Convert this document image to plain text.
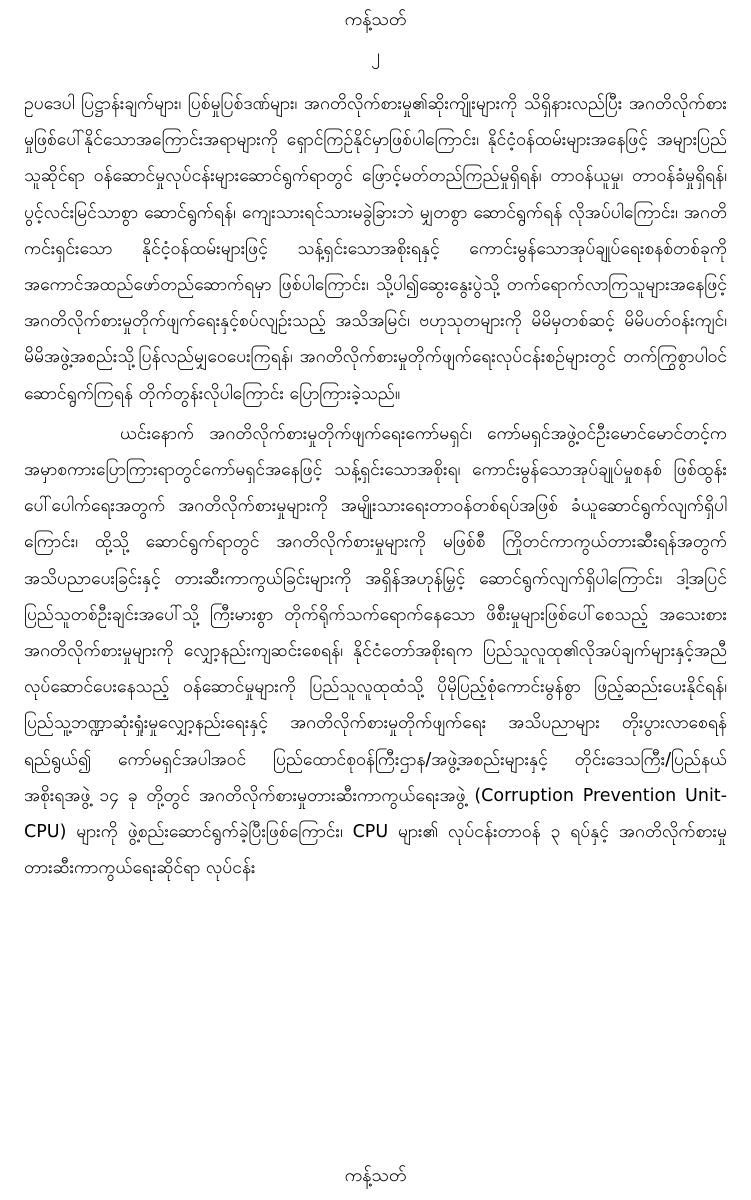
ကန့်သတ်
၂

ဥပဒေပါ ပြဋ္ဌာန်းချက်များ၊ ပြစ်မှုပြစ်ဒဏ်များ၊ အဂတိလိုက်စားမှု၏ဆိုးကျိုးများကို သိရှိနားလည်ပြီး အဂတိလိုက်စားမှုဖြစ်ပေါ်နိုင်သောအကြောင်းအရာများကို ရှောင်ကြဉ်နိုင်မှာဖြစ်ပါကြောင်း၊ နိုင်ငံ့ဝန်ထမ်းများအနေဖြင့် အများပြည်သူဆိုင်ရာ ဝန်ဆောင်မှုလုပ်ငန်းများဆောင်ရွက်ရာတွင် ဖြောင့်မတ်တည်ကြည်မှုရှိရန်၊ တာဝန်ယူမှု၊ တာဝန်ခံမှုရှိရန်၊ ပွင့်လင်းမြင်သာစွာ ဆောင်ရွက်ရန်၊ ကျေးသားရင်သားမခွဲခြားဘဲ မျှတစွာ ဆောင်ရွက်ရန် လိုအပ်ပါကြောင်း၊ အဂတိကင်းရှင်းသော နိုင်ငံ့ဝန်ထမ်းများဖြင့် သန့်ရှင်းသောအစိုးရနှင့် ကောင်းမွန်သောအုပ်ချုပ်ရေးစနစ်တစ်ခုကို အကောင်အထည်ဖော်တည်ဆောက်ရမှာ ဖြစ်ပါကြောင်း၊ သို့ပါ၍ဆွေးနွေးပွဲသို့ တက်ရောက်လာကြသူများအနေဖြင့် အဂတိလိုက်စားမှုတိုက်ဖျက်ရေးနှင့်စပ်လျဉ်းသည့် အသိအမြင်၊ ဗဟုသုတများကို မိမိမှတစ်ဆင့် မိမိပတ်ဝန်းကျင်၊ မိမိအဖွဲ့အစည်းသို့ပြန်လည်မျှဝေပေးကြရန်၊ အဂတိလိုက်စားမှုတိုက်ဖျက်ရေးလုပ်ငန်းစဉ်များတွင် တက်ကြွစွာပါဝင်ဆောင်ရွက်ကြရန် တိုက်တွန်းလိုပါကြောင်း ပြောကြားခဲ့သည်။

ယင်းနောက် အဂတိလိုက်စားမှုတိုက်ဖျက်ရေးကော်မရှင်၊ ကော်မရှင်အဖွဲ့ဝင်ဦးမောင်မောင်တင့်ကအမှာစကားပြောကြားရာတွင်ကော်မရှင်အနေဖြင့် သန့်ရှင်းသောအစိုးရ၊ ကောင်းမွန်သောအုပ်ချုပ်မှုစနစ် ဖြစ်ထွန်းပေါ်ပေါက်ရေးအတွက် အဂတိလိုက်စားမှုများကို အမျိုးသားရေးတာဝန်တစ်ရပ်အဖြစ် ခံယူဆောင်ရွက်လျက်ရှိပါကြောင်း၊ ထို့သို့ ဆောင်ရွက်ရာတွင် အဂတိလိုက်စားမှုများကို မဖြစ်စီ ကြိုတင်ကာကွယ်တားဆီးရန်အတွက် အသိပညာပေးခြင်းနှင့် တားဆီးကာကွယ်ခြင်းများကို အရှိန်အဟုန်မြှင့် ဆောင်ရွက်လျက်ရှိပါကြောင်း၊ ဒါ့အပြင် ပြည်သူတစ်ဦးချင်းအပေါ်သို့ ကြီးမားစွာ တိုက်ရိုက်သက်ရောက်နေသော ဖိစီးမှုများဖြစ်ပေါ်စေသည့် အသေးစားအဂတိလိုက်စားမှုများကို လျှော့နည်းကျဆင်းစေရန်၊ နိုင်ငံတော်အစိုးရက ပြည်သူလူထု၏လိုအပ်ချက်များနှင့်အညီ လုပ်ဆောင်ပေးနေသည့် ဝန်ဆောင်မှုများကို ပြည်သူလူထုထံသို့ ပိုမိုပြည့်စုံကောင်းမွန်စွာ ဖြည့်ဆည်းပေးနိုင်ရန်၊ ပြည်သူ့ဘဏ္ဍာဆုံးရှုံးမှုလျှော့နည်းရေးနှင့် အဂတိလိုက်စားမှုတိုက်ဖျက်ရေး အသိပညာများ တိုးပွားလာစေရန်ရည်ရွယ်၍ ကော်မရှင်အပါအဝင် ပြည်ထောင်စုဝန်ကြီးဌာန/အဖွဲ့အစည်းများနှင့် တိုင်းဒေသကြီး/ပြည်နယ်အစိုးရအဖွဲ့ ၁၄ ခု တို့တွင် အဂတိလိုက်စားမှုတားဆီးကာကွယ်ရေးအဖွဲ့ (Corruption Prevention Unit- CPU) များကို ဖွဲ့စည်းဆောင်ရွက်ခဲ့ပြီးဖြစ်ကြောင်း၊ CPU များ၏ လုပ်ငန်းတာဝန် ၃ ရပ်နှင့် အဂတိလိုက်စားမှုတားဆီးကာကွယ်ရေးဆိုင်ရာ လုပ်ငန်း

ကန့်သတ်
